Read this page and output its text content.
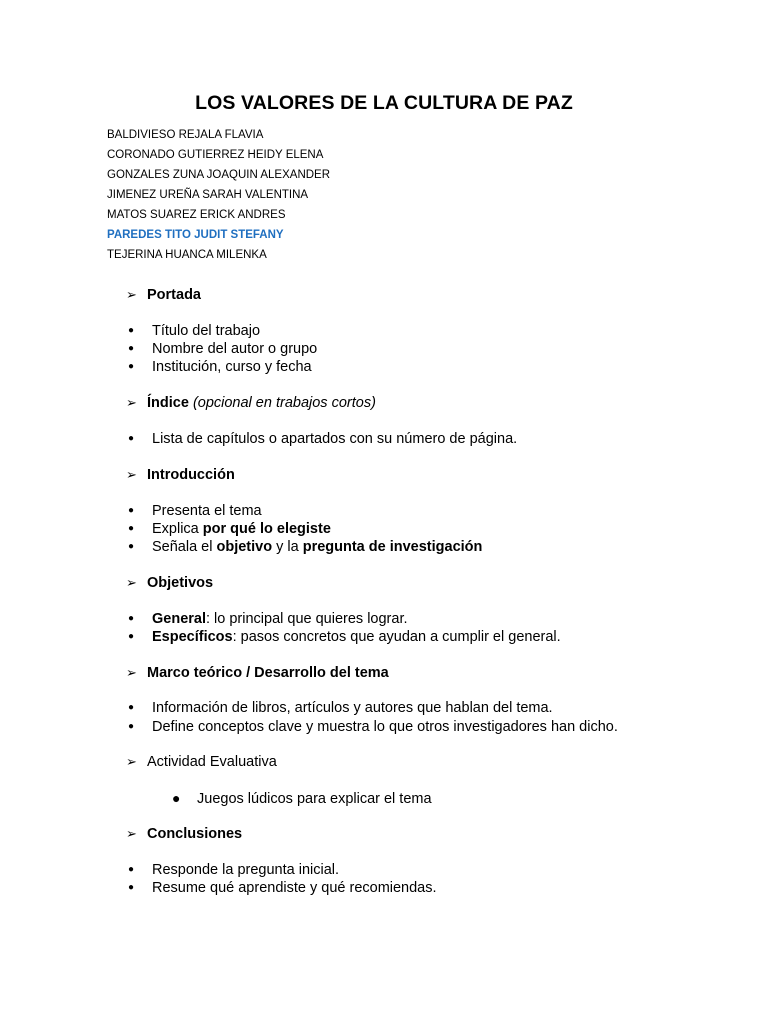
LOS VALORES DE LA CULTURA DE PAZ
BALDIVIESO REJALA FLAVIA
CORONADO GUTIERREZ HEIDY ELENA
GONZALES ZUNA JOAQUIN ALEXANDER
JIMENEZ UREÑA SARAH VALENTINA
MATOS SUAREZ ERICK ANDRES
PAREDES TITO JUDIT STEFANY
TEJERINA HUANCA MILENKA
➢ Portada
● Título del trabajo
● Nombre del autor o grupo
● Institución, curso y fecha
➢ Índice (opcional en trabajos cortos)
● Lista de capítulos o apartados con su número de página.
➢ Introducción
● Presenta el tema
● Explica por qué lo elegiste
● Señala el objetivo y la pregunta de investigación
➢ Objetivos
● General: lo principal que quieres lograr.
● Específicos: pasos concretos que ayudan a cumplir el general.
➢ Marco teórico / Desarrollo del tema
● Información de libros, artículos y autores que hablan del tema.
● Define conceptos clave y muestra lo que otros investigadores han dicho.
➢ Actividad Evaluativa
● Juegos lúdicos para explicar el tema
➢ Conclusiones
● Responde la pregunta inicial.
● Resume qué aprendiste y qué recomiendas.
